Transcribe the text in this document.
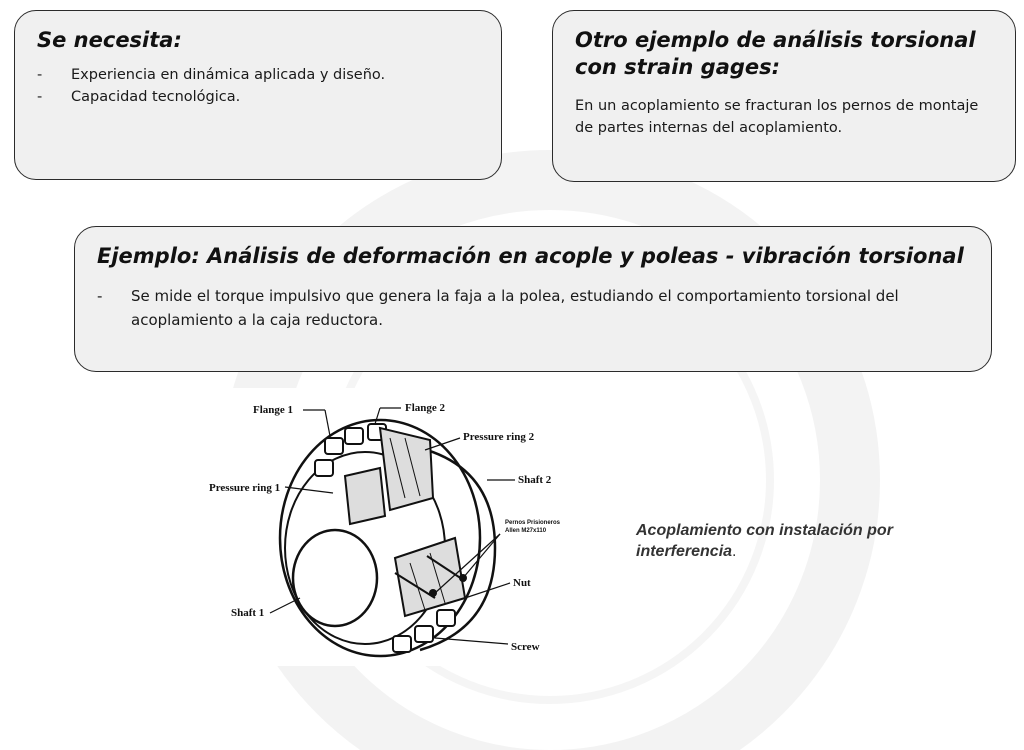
Se necesita:
- Experiencia en dinámica aplicada y diseño.
- Capacidad tecnológica.
Otro ejemplo de análisis torsional
con strain gages:

En un acoplamiento se fracturan los pernos de montaje de partes internas del acoplamiento.

Ejemplo: Análisis de deformación en acople y poleas - vibración torsional
- Se mide el torque impulsivo que genera la faja a la polea, estudiando el comportamiento torsional del acoplamiento a la caja reductora.
Flange 1	Flange 2
Pressure ring 2
Shaft 2
Pressure ring 1
Pernos Prisioneros
Allen M27x110
Nut
Shaft 1
Screw
Acoplamiento con instalación por interferencia.
